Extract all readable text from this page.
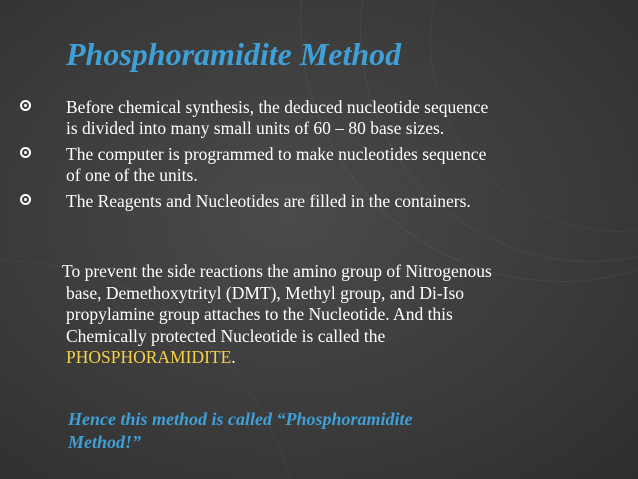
Phosphoramidite Method
Before chemical synthesis, the deduced nucleotide sequence
is divided into many small units of 60 – 80 base sizes.
The computer is programmed to make nucleotides sequence
of one of the units.
The Reagents and Nucleotides are filled in the containers.
To prevent the side reactions the amino group of Nitrogenous
base, Demethoxytrityl (DMT), Methyl group, and Di-Iso
propylamine group attaches to the Nucleotide. And this
Chemically protected Nucleotide is called the
PHOSPHORAMIDITE.
Hence this method is called “Phosphoramidite
Method!”
